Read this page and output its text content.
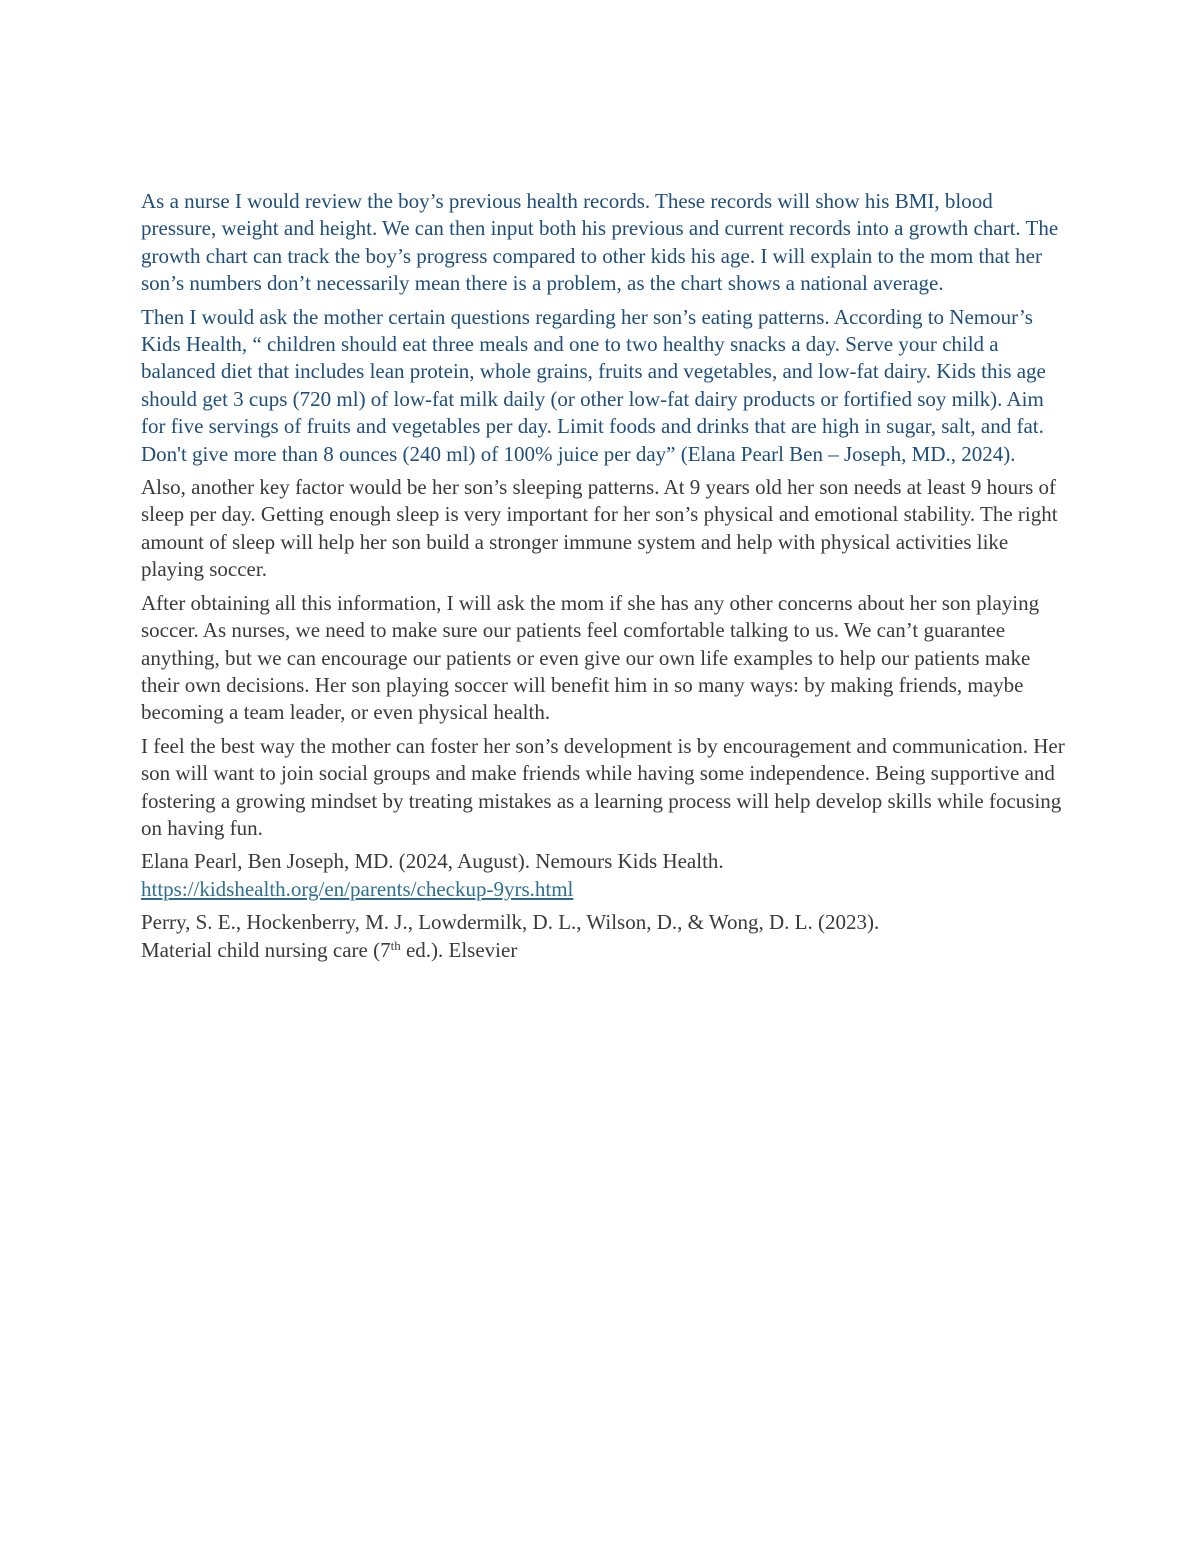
As a nurse I would review the boy’s previous health records. These records will show his BMI, blood pressure, weight and height. We can then input both his previous and current records into a growth chart. The growth chart can track the boy’s progress compared to other kids his age. I will explain to the mom that her son’s numbers don’t necessarily mean there is a problem, as the chart shows a national average.

Then I would ask the mother certain questions regarding her son’s eating patterns. According to Nemour’s Kids Health, “ children should eat three meals and one to two healthy snacks a day. Serve your child a balanced diet that includes lean protein, whole grains, fruits and vegetables, and low-fat dairy. Kids this age should get 3 cups (720 ml) of low-fat milk daily (or other low-fat dairy products or fortified soy milk). Aim for five servings of fruits and vegetables per day. Limit foods and drinks that are high in sugar, salt, and fat. Don't give more than 8 ounces (240 ml) of 100% juice per day” (Elana Pearl Ben – Joseph, MD., 2024).

Also, another key factor would be her son’s sleeping patterns. At 9 years old her son needs at least 9 hours of sleep per day. Getting enough sleep is very important for her son’s physical and emotional stability. The right amount of sleep will help her son build a stronger immune system and help with physical activities like playing soccer.

After obtaining all this information, I will ask the mom if she has any other concerns about her son playing soccer. As nurses, we need to make sure our patients feel comfortable talking to us. We can’t guarantee anything, but we can encourage our patients or even give our own life examples to help our patients make their own decisions. Her son playing soccer will benefit him in so many ways: by making friends, maybe becoming a team leader, or even physical health.

I feel the best way the mother can foster her son’s development is by encouragement and communication. Her son will want to join social groups and make friends while having some independence. Being supportive and fostering a growing mindset by treating mistakes as a learning process will help develop skills while focusing on having fun.

Elana Pearl, Ben Joseph, MD. (2024, August). Nemours Kids Health.
https://kidshealth.org/en/parents/checkup-9yrs.html
Perry, S. E., Hockenberry, M. J., Lowdermilk, D. L., Wilson, D., & Wong, D. L. (2023).
Material child nursing care (7th ed.). Elsevier
